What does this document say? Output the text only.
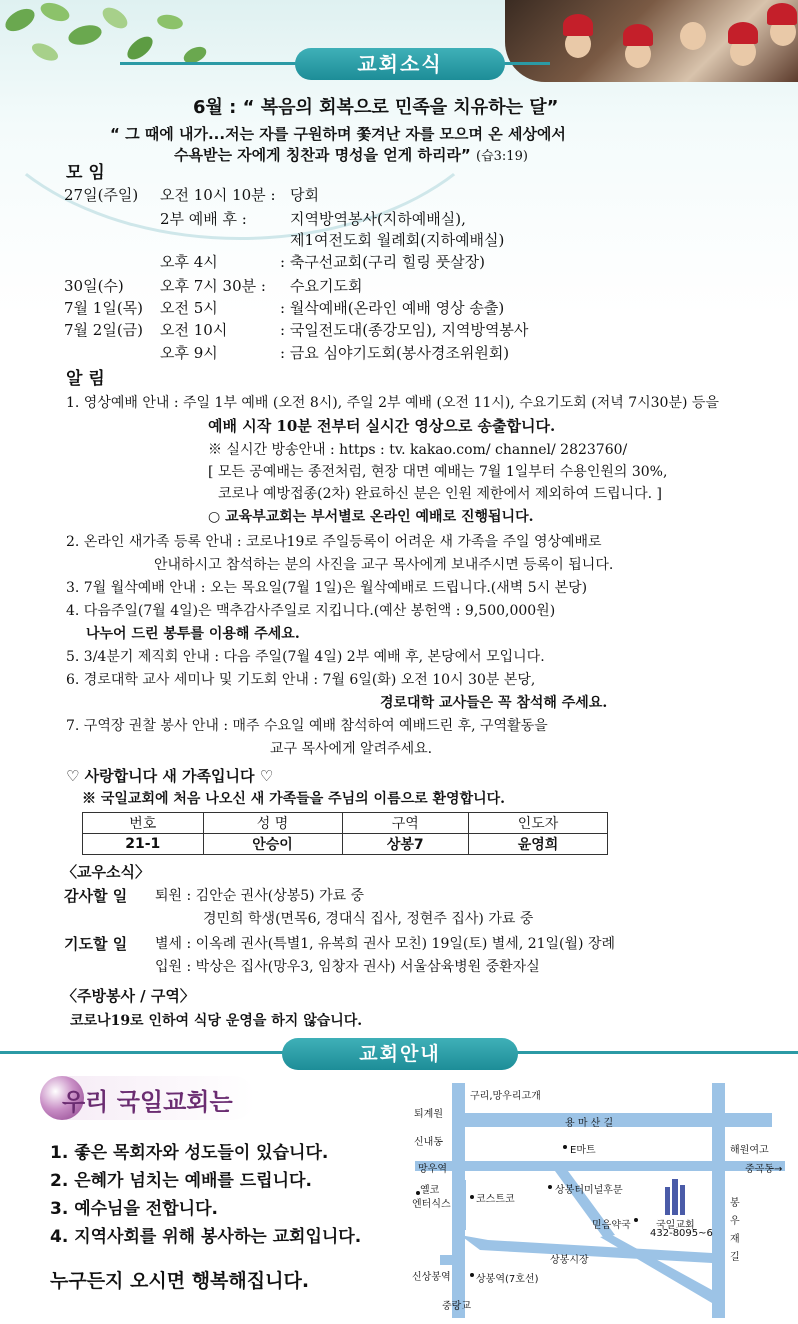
교회소식
6월 : “ 복음의 회복으로 민족을 치유하는 달”
“ 그 때에 내가...저는 자를 구원하며 쫓겨난 자를 모으며 온 세상에서
수욕받는 자에게 칭찬과 명성을 얻게 하리라” (습3:19)
모 임
27일(주일) 오전 10시 10분 : 당회
2부 예배 후 :	지역방역봉사(지하예배실),
제1여전도회 월례회(지하예배실)
오후 4시	: 축구선교회(구리 힐링 풋살장)
30일(수) 오후 7시 30분 : 수요기도회
7월 1일(목) 오전 5시	: 월삭예배(온라인 예배 영상 송출)
7월 2일(금) 오전 10시	: 국일전도대(종강모임), 지역방역봉사
오후 9시	: 금요 심야기도회(봉사경조위원회)
알 림
1. 영상예배 안내 : 주일 1부 예배 (오전 8시), 주일 2부 예배 (오전 11시), 수요기도회 (저녁 7시30분) 등을
예배 시작 10분 전부터 실시간 영상으로 송출합니다.
※ 실시간 방송안내 : https : tv. kakao.com/ channel/ 2823760/
[ 모든 공예배는 종전처럼, 현장 대면 예배는 7월 1일부터 수용인원의 30%,
코로나 예방접종(2차) 완료하신 분은 인원 제한에서 제외하여 드립니다. ]
○ 교육부교회는 부서별로 온라인 예배로 진행됩니다.
2. 온라인 새가족 등록 안내 : 코로나19로 주일등록이 어려운 새 가족을 주일 영상예배로
안내하시고 참석하는 분의 사진을 교구 목사에게 보내주시면 등록이 됩니다.
3. 7월 월삭예배 안내 : 오는 목요일(7월 1일)은 월삭예배로 드립니다.(새벽 5시 본당)
4. 다음주일(7월 4일)은 맥추감사주일로 지킵니다.(예산 봉헌액 : 9,500,000원)
나누어 드린 봉투를 이용해 주세요.
5. 3/4분기 제직회 안내 : 다음 주일(7월 4일) 2부 예배 후, 본당에서 모입니다.
6. 경로대학 교사 세미나 및 기도회 안내 : 7월 6일(화) 오전 10시 30분 본당,
경로대학 교사들은 꼭 참석해 주세요.
7. 구역장 권찰 봉사 안내 : 매주 수요일 예배 참석하여 예배드린 후, 구역활동을
교구 목사에게 알려주세요.
♡ 사랑합니다 새 가족입니다 ♡
※ 국일교회에 처음 나오신 새 가족들을 주님의 이름으로 환영합니다.
번호	성 명	구역	인도자
21-1	안승이	상봉7	윤영희
〈교우소식〉
감사할 일 퇴원 : 김안순 권사(상봉5) 가료 중
경민희 학생(면목6, 경대식 집사, 정현주 집사) 가료 중
기도할 일 별세 : 이옥례 권사(특별1, 유복희 권사 모친) 19일(토) 별세, 21일(월) 장례
입원 : 박상은 집사(망우3, 임창자 권사) 서울삼육병원 중환자실
〈주방봉사 / 구역〉
코로나19로 인하여 식당 운영을 하지 않습니다.
교회안내
우리 국일교회는
1. 좋은 목회자와 성도들이 있습니다.
2. 은혜가 넘치는 예배를 드립니다.
3. 예수님을 전합니다.
4. 지역사회를 위해 봉사하는 교회입니다.
누구든지 오시면 행복해집니다.
구리,망우리고개
퇴계원
용 마 산 길
신내동
E마트	해원여고
망우역	중곡동→
옐코
엔터식스	코스트코
상봉터미널후문
국일교회
432-8095~6
믿음약국
봉 우 재 길
상봉시장
신상봉역	상봉역(7호선)
중랑교
